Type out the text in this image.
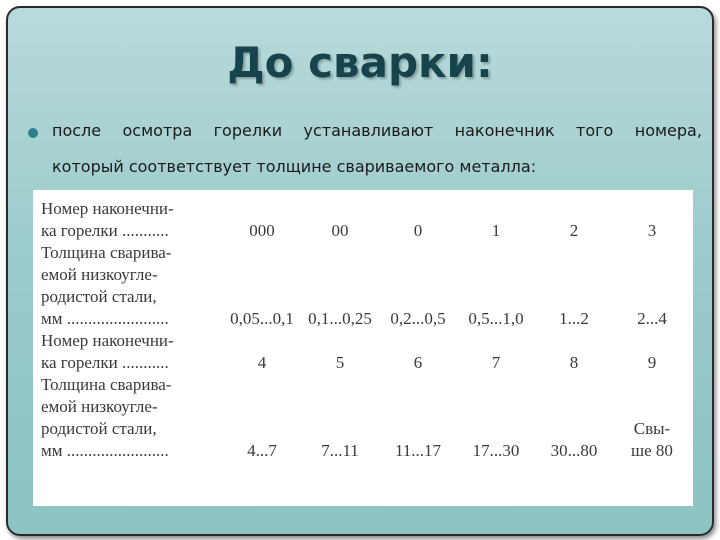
До сварки:
после осмотра горелки устанавливают наконечник того номера,
который соответствует толщине свариваемого металла:
Номер наконечни-
ка горелки ...........	000	00	0	1	2	3
Толщина сварива-
емой низкоугле-
родистой стали,
мм ........................	0,05...0,1	0,1...0,25	0,2...0,5	0,5...1,0	1...2	2...4
Номер наконечни-
ка горелки ...........	4	5	6	7	8	9
Толщина сварива-
емой низкоугле-
родистой стали,
мм ........................	4...7	7...11	11...17	17...30	30...80	Свы-
ше 80
